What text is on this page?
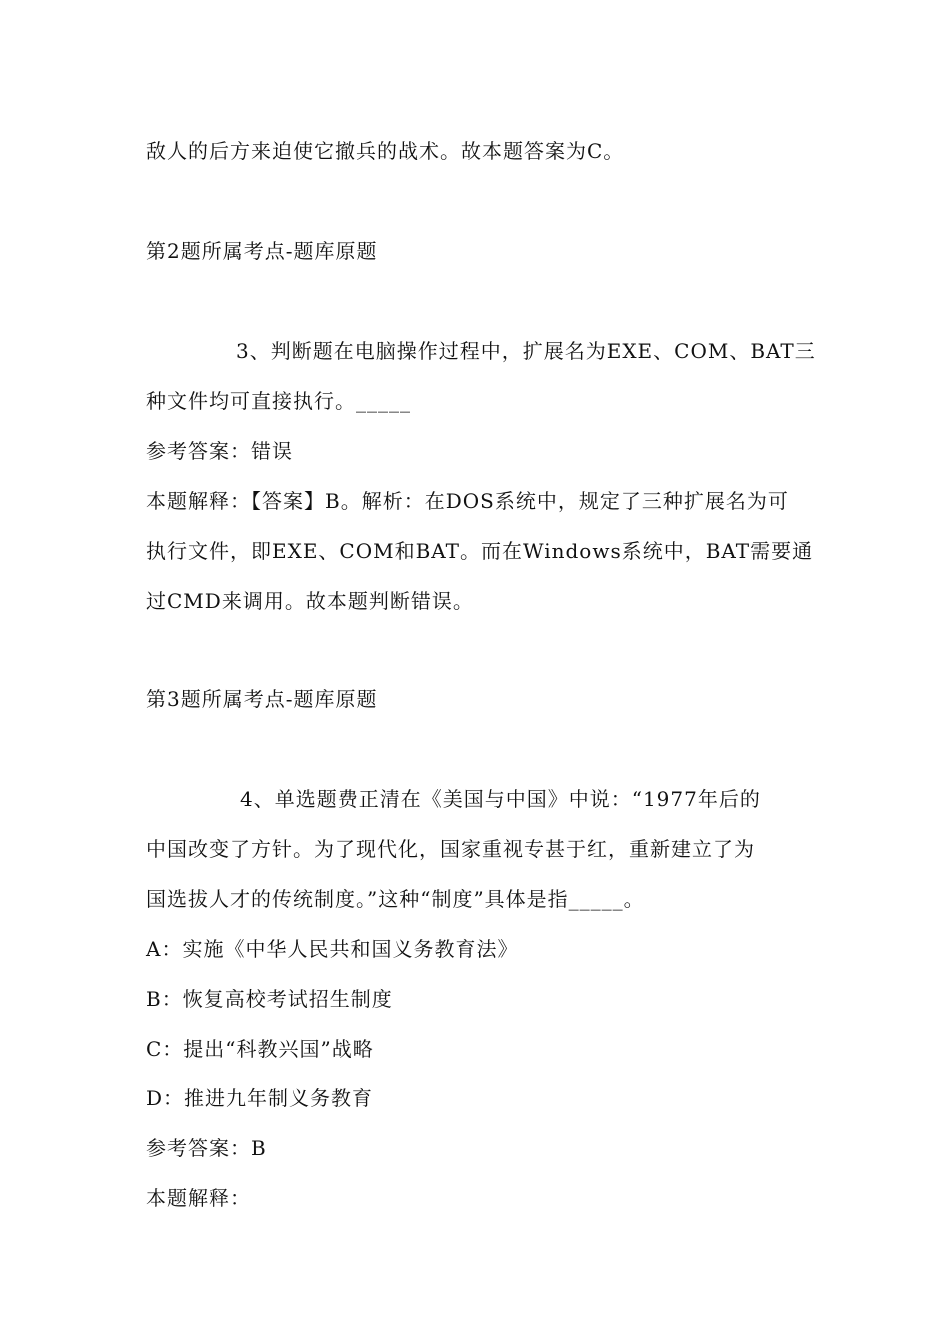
敌人的后方来迫使它撤兵的战术。故本题答案为C。
第2题所属考点-题库原题
3、判断题在电脑操作过程中，扩展名为EXE、COM、BAT三
种文件均可直接执行。_____
参考答案：错误
本题解释：【答案】B。解析：在DOS系统中，规定了三种扩展名为可
执行文件，即EXE、COM和BAT。而在Windows系统中，BAT需要通
过CMD来调用。故本题判断错误。
第3题所属考点-题库原题
4、单选题费正清在《美国与中国》中说：“1977年后的
中国改变了方针。为了现代化，国家重视专甚于红，重新建立了为
国选拔人才的传统制度。”这种“制度”具体是指_____。
A：实施《中华人民共和国义务教育法》
B：恢复高校考试招生制度
C：提出“科教兴国”战略
D：推进九年制义务教育
参考答案：B
本题解释：
